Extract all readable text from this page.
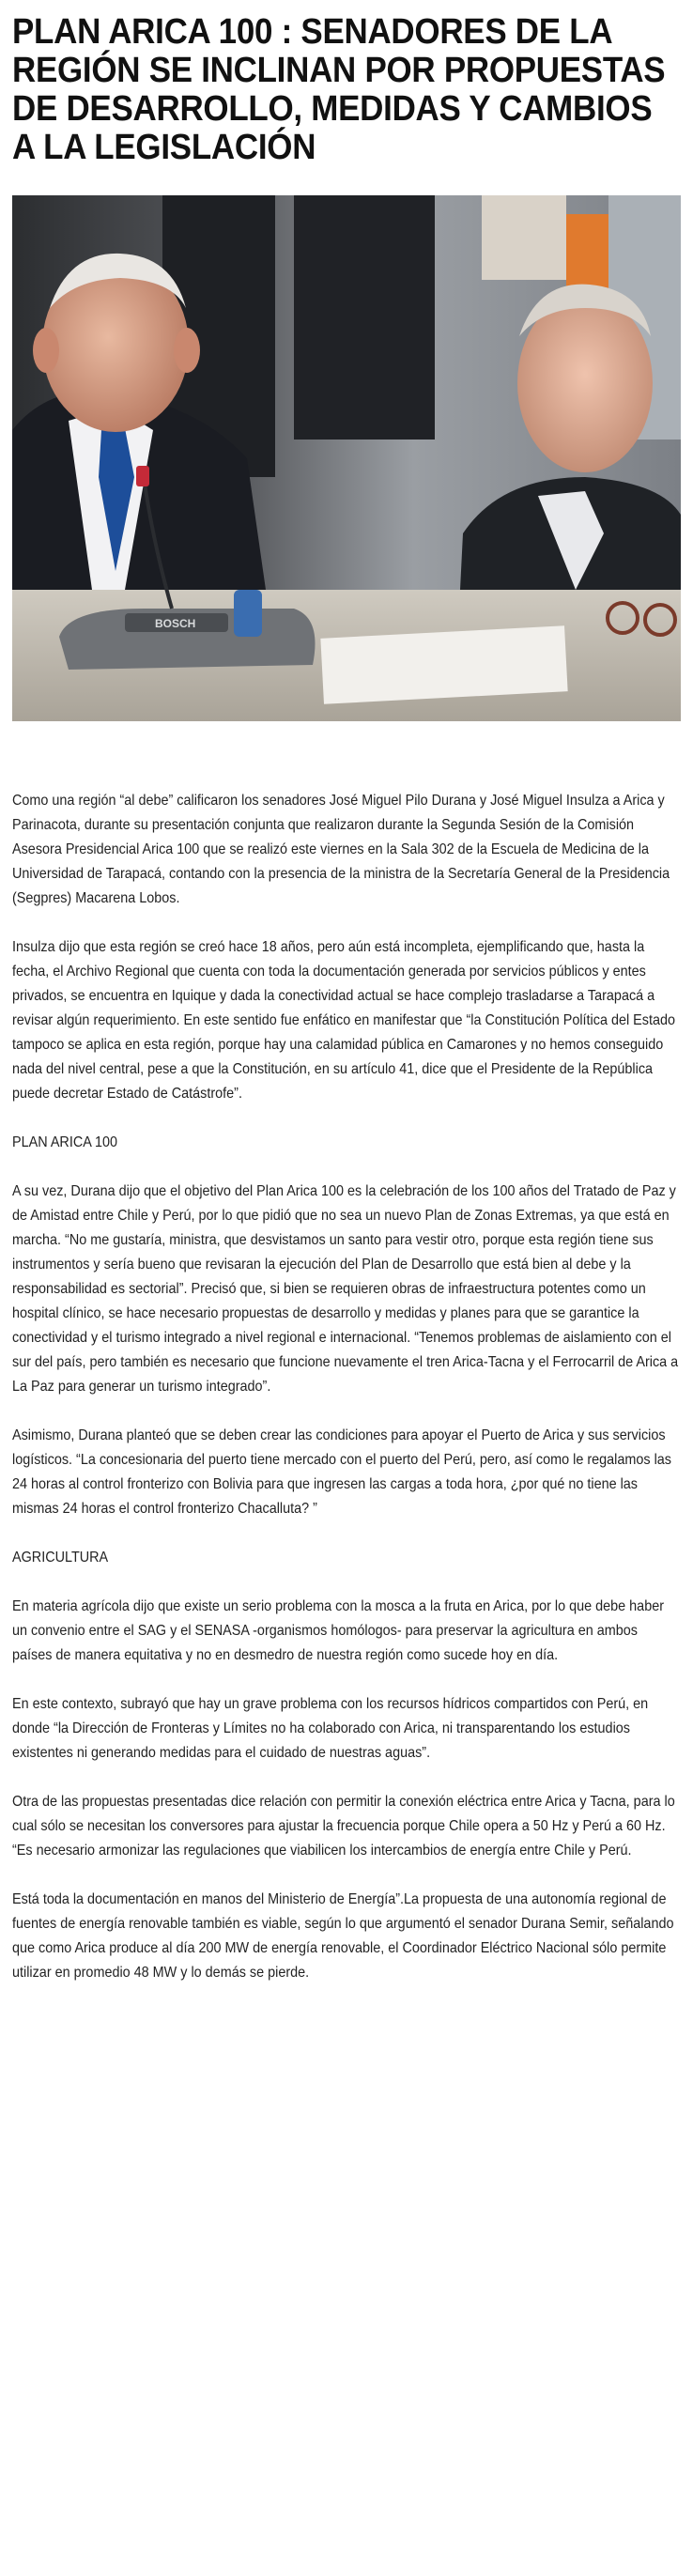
PLAN ARICA 100 : SENADORES DE LA REGIÓN SE INCLINAN POR PROPUESTAS DE DESARROLLO, MEDIDAS Y CAMBIOS A LA LEGISLACIÓN
BOSCH

Como una región “al debe” calificaron los senadores José Miguel Pilo Durana y José Miguel Insulza a Arica y Parinacota, durante su presentación conjunta que realizaron durante la Segunda Sesión de la Comisión Asesora Presidencial Arica 100 que se realizó este viernes en la Sala 302 de la Escuela de Medicina de la Universidad de Tarapacá, contando con la presencia de la ministra de la Secretaría General de la Presidencia (Segpres) Macarena Lobos.

Insulza dijo que esta región se creó hace 18 años, pero aún está incompleta, ejemplificando que, hasta la fecha, el Archivo Regional que cuenta con toda la documentación generada por servicios públicos y entes privados, se encuentra en Iquique y dada la conectividad actual se hace complejo trasladarse a Tarapacá a revisar algún requerimiento. En este sentido fue enfático en manifestar que “la Constitución Política del Estado tampoco se aplica en esta región, porque hay una calamidad pública en Camarones y no hemos conseguido nada del nivel central, pese a que la Constitución, en su artículo 41, dice que el Presidente de la República puede decretar Estado de Catástrofe”.

PLAN ARICA 100

A su vez, Durana dijo que el objetivo del Plan Arica 100 es la celebración de los 100 años del Tratado de Paz y de Amistad entre Chile y Perú, por lo que pidió que no sea un nuevo Plan de Zonas Extremas, ya que está en marcha. “No me gustaría, ministra, que desvistamos un santo para vestir otro, porque esta región tiene sus instrumentos y sería bueno que revisaran la ejecución del Plan de Desarrollo que está bien al debe y la responsabilidad es sectorial”. Precisó que, si bien se requieren obras de infraestructura potentes como un hospital clínico, se hace necesario propuestas de desarrollo y medidas y planes para que se garantice la conectividad y el turismo integrado a nivel regional e internacional. “Tenemos problemas de aislamiento con el sur del país, pero también es necesario que funcione nuevamente el tren Arica-Tacna y el Ferrocarril de Arica a La Paz para generar un turismo integrado”.

Asimismo, Durana planteó que se deben crear las condiciones para apoyar el Puerto de Arica y sus servicios logísticos. “La concesionaria del puerto tiene mercado con el puerto del Perú, pero, así como le regalamos las 24 horas al control fronterizo con Bolivia para que ingresen las cargas a toda hora, ¿por qué no tiene las mismas 24 horas el control fronterizo Chacalluta? ”

AGRICULTURA

En materia agrícola dijo que existe un serio problema con la mosca a la fruta en Arica, por lo que debe haber un convenio entre el SAG y el SENASA -organismos homólogos- para preservar la agricultura en ambos países de manera equitativa y no en desmedro de nuestra región como sucede hoy en día.

En este contexto, subrayó que hay un grave problema con los recursos hídricos compartidos con Perú, en donde “la Dirección de Fronteras y Límites no ha colaborado con Arica, ni transparentando los estudios existentes ni generando medidas para el cuidado de nuestras aguas”.

Otra de las propuestas presentadas dice relación con permitir la conexión eléctrica entre Arica y Tacna, para lo cual sólo se necesitan los conversores para ajustar la frecuencia porque Chile opera a 50 Hz y Perú a 60 Hz. “Es necesario armonizar las regulaciones que viabilicen los intercambios de energía entre Chile y Perú.

Está toda la documentación en manos del Ministerio de Energía”.La propuesta de una autonomía regional de fuentes de energía renovable también es viable, según lo que argumentó el senador Durana Semir, señalando que como Arica produce al día 200 MW de energía renovable, el Coordinador Eléctrico Nacional sólo permite utilizar en promedio 48 MW y lo demás se pierde.
